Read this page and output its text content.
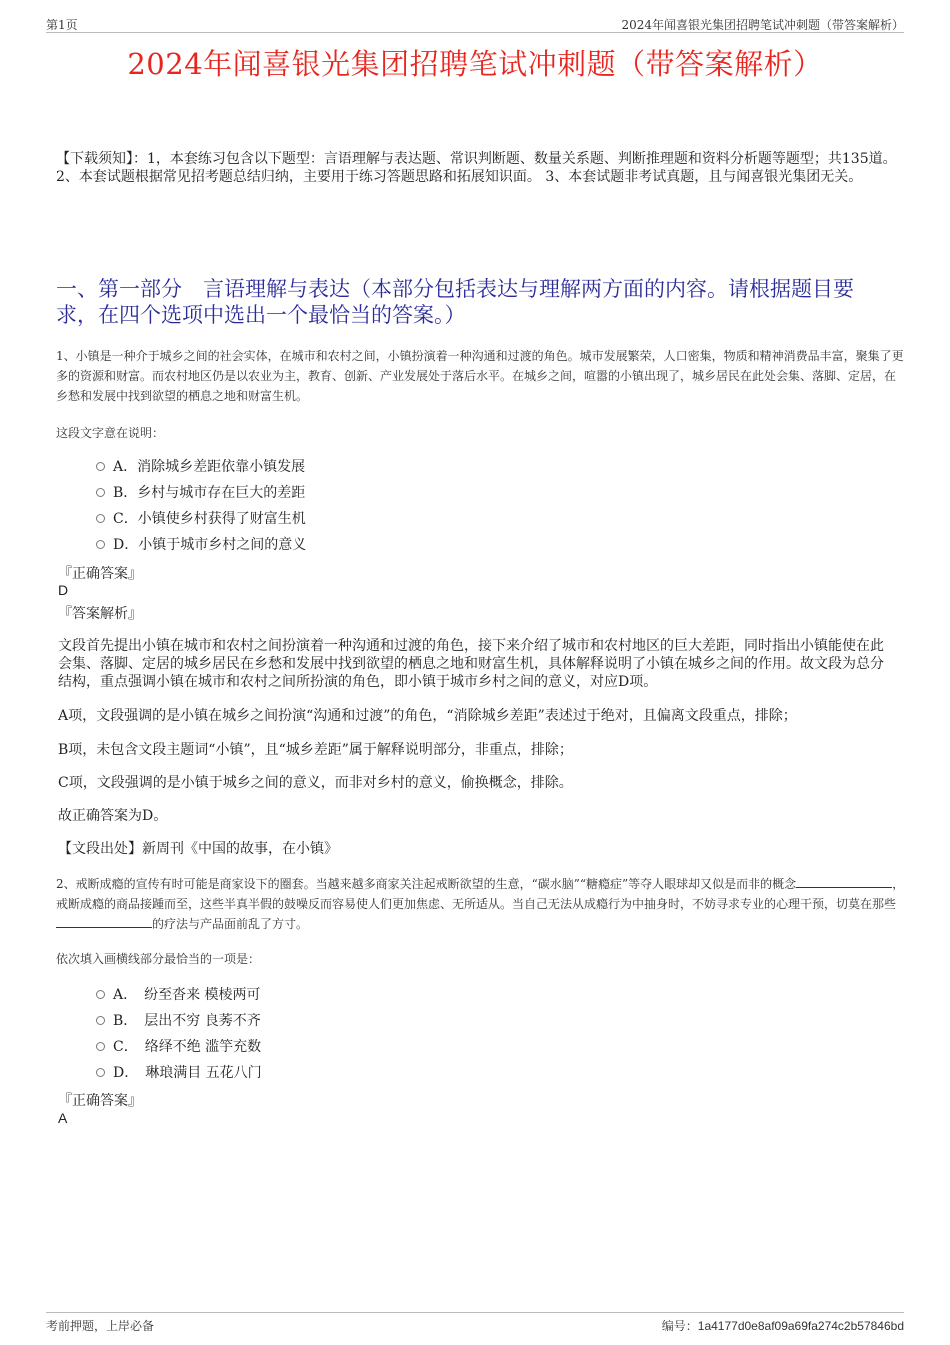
第1页	2024年闻喜银光集团招聘笔试冲刺题（带答案解析）
2024年闻喜银光集团招聘笔试冲刺题（带答案解析）
【下载须知】：1，本套练习包含以下题型：言语理解与表达题、常识判断题、数量关系题、判断推理题和资料分析题等题型；共135道。 2、本套试题根据常见招考题总结归纳，主要用于练习答题思路和拓展知识面。 3、本套试题非考试真题，且与闻喜银光集团无关。
一、第一部分　言语理解与表达（本部分包括表达与理解两方面的内容。请根据题目要求，在四个选项中选出一个最恰当的答案。）
1、小镇是一种介于城乡之间的社会实体，在城市和农村之间，小镇扮演着一种沟通和过渡的角色。城市发展繁荣，人口密集，物质和精神消费品丰富，聚集了更多的资源和财富。而农村地区仍是以农业为主，教育、创新、产业发展处于落后水平。在城乡之间，喧嚣的小镇出现了，城乡居民在此处会集、落脚、定居，在乡愁和发展中找到欲望的栖息之地和财富生机。
这段文字意在说明：
A．消除城乡差距依靠小镇发展
B．乡村与城市存在巨大的差距
C．小镇使乡村获得了财富生机
D．小镇于城市乡村之间的意义
『正确答案』
D
『答案解析』
文段首先提出小镇在城市和农村之间扮演着一种沟通和过渡的角色，接下来介绍了城市和农村地区的巨大差距，同时指出小镇能使在此会集、落脚、定居的城乡居民在乡愁和发展中找到欲望的栖息之地和财富生机，具体解释说明了小镇在城乡之间的作用。故文段为总分结构，重点强调小镇在城市和农村之间所扮演的角色，即小镇于城市乡村之间的意义，对应D项。
A项，文段强调的是小镇在城乡之间扮演“沟通和过渡”的角色，“消除城乡差距”表述过于绝对，且偏离文段重点，排除；
B项，未包含文段主题词“小镇”，且“城乡差距”属于解释说明部分，非重点，排除；
C项，文段强调的是小镇于城乡之间的意义，而非对乡村的意义，偷换概念，排除。
故正确答案为D。
【文段出处】新周刊《中国的故事，在小镇》
2、戒断成瘾的宣传有时可能是商家设下的圈套。当越来越多商家关注起戒断欲望的生意，“碳水脑”“糖瘾症”等夺人眼球却又似是而非的概念	，戒断成瘾的商品接踵而至，这些半真半假的鼓噪反而容易使人们更加焦虑、无所适从。当自己无法从成瘾行为中抽身时，不妨寻求专业的心理干预，切莫在那些的疗法与产品面前乱了方寸。
依次填入画横线部分最恰当的一项是：
A．　纷至沓来 模棱两可
B．　层出不穷 良莠不齐
C．　络绎不绝 滥竽充数
D．　琳琅满目 五花八门
『正确答案』
A
考前押题，上岸必备	编号：1a4177d0e8af09a69fa274c2b57846bd
